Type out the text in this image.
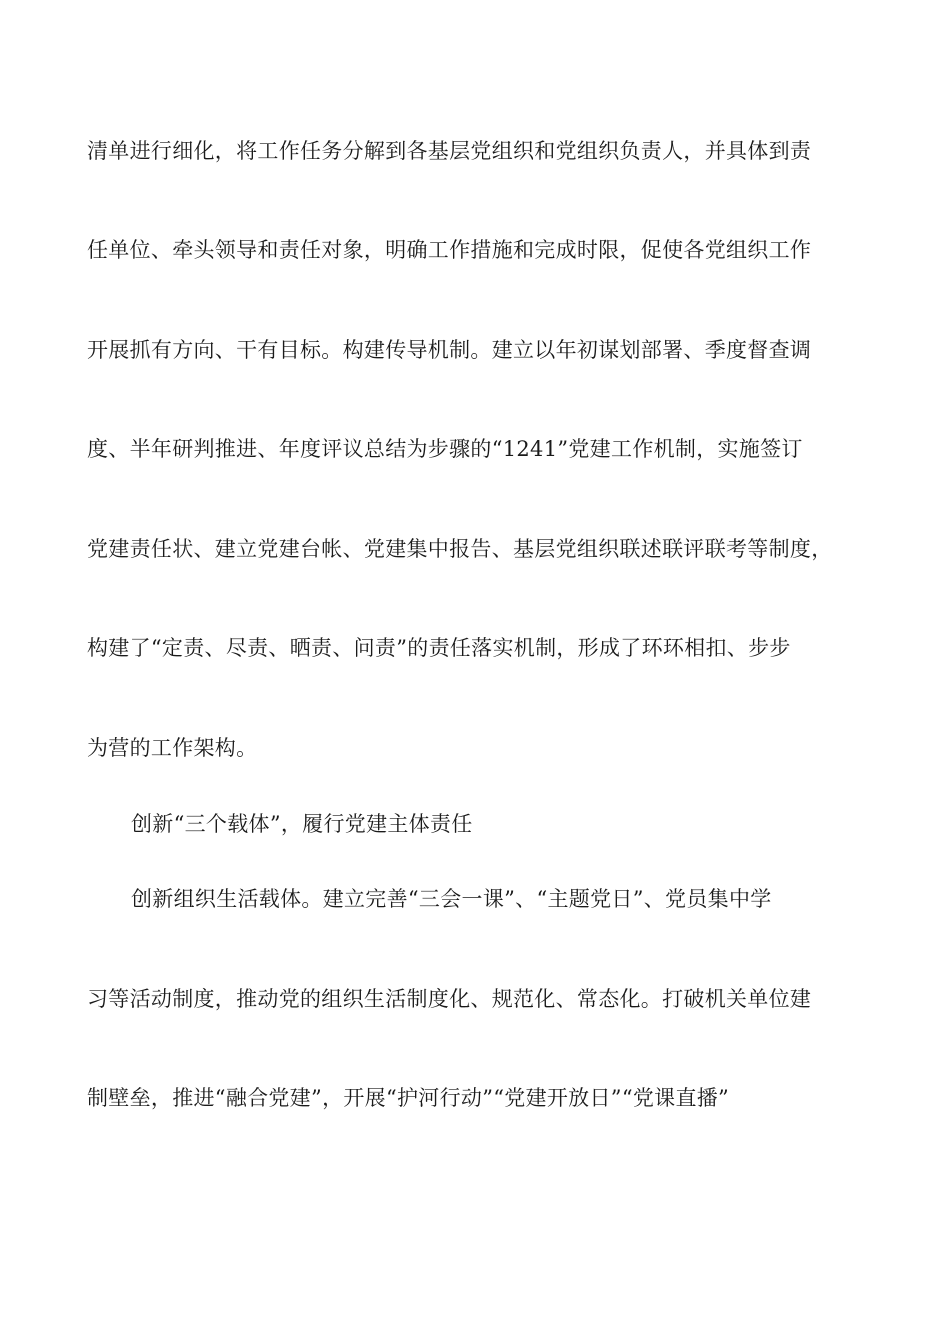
清单进行细化，将工作任务分解到各基层党组织和党组织负责人，并具体到责
任单位、牵头领导和责任对象，明确工作措施和完成时限，促使各党组织工作
开展抓有方向、干有目标。构建传导机制。建立以年初谋划部署、季度督查调
度、半年研判推进、年度评议总结为步骤的“1241”党建工作机制，实施签订
党建责任状、建立党建台帐、党建集中报告、基层党组织联述联评联考等制度，
构建了“定责、尽责、晒责、问责”的责任落实机制，形成了环环相扣、步步
为营的工作架构。
创新“三个载体”，履行党建主体责任
创新组织生活载体。建立完善“三会一课”、“主题党日”、党员集中学
习等活动制度，推动党的组织生活制度化、规范化、常态化。打破机关单位建
制壁垒，推进“融合党建”，开展“护河行动”“党建开放日”“党课直播”
